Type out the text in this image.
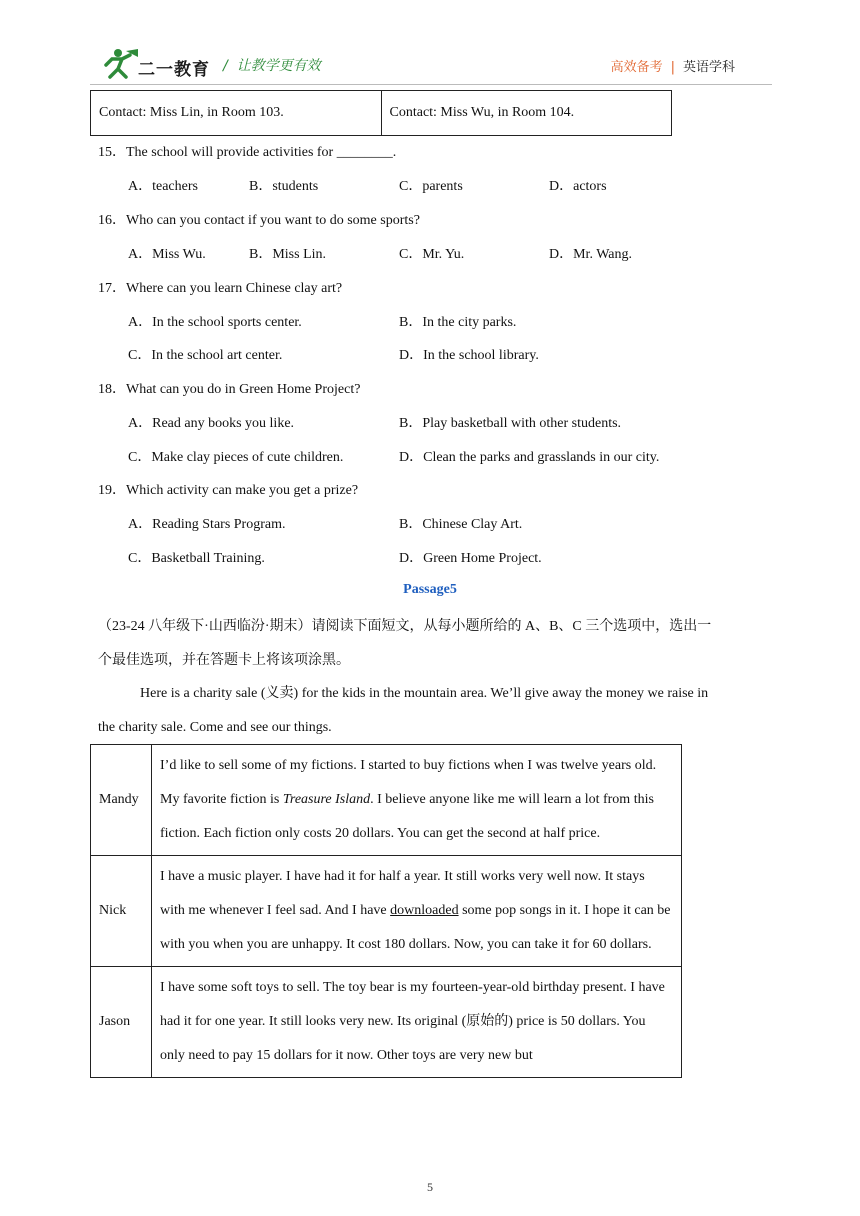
二一教育 /  让教学更有效	高效备考 | 英语学科
Contact: Miss Lin, in Room 103.	Contact: Miss Wu, in Room 104.
15．The school will provide activities for ________.
A．teachers	B．students	C．parents	D．actors
16．Who can you contact if you want to do some sports?
A．Miss Wu.	B．Miss Lin.	C．Mr. Yu.	D．Mr. Wang.
17．Where can you learn Chinese clay art?
A．In the school sports center.	B．In the city parks.
C．In the school art center.	D．In the school library.
18．What can you do in Green Home Project?
A．Read any books you like.	B．Play basketball with other students.
C．Make clay pieces of cute children.	D．Clean the parks and grasslands in our city.
19．Which activity can make you get a prize?
A．Reading Stars Program.	B．Chinese Clay Art.
C．Basketball Training.	D．Green Home Project.
Passage5
（23-24 八年级下·山西临汾·期末）请阅读下面短文，从每小题所给的 A、B、C 三个选项中，选出一
个最佳选项，并在答题卡上将该项涂黑。
Here is a charity sale (义卖) for the kids in the mountain area. We’ll give away the money we raise in
the charity sale. Come and see our things.
Mandy	I’d like to sell some of my fictions. I started to buy fictions when I was twelve years old. My favorite fiction is Treasure Island. I believe anyone like me will learn a lot from this fiction. Each fiction only costs 20 dollars. You can get the second at half price.
Nick	I have a music player. I have had it for half a year. It still works very well now. It stays with me whenever I feel sad. And I have downloaded some pop songs in it. I hope it can be with you when you are unhappy. It cost 180 dollars. Now, you can take it for 60 dollars.
Jason	I have some soft toys to sell. The toy bear is my fourteen-year-old birthday present. I have had it for one year. It still looks very new. Its original (原始的) price is 50 dollars. You only need to pay 15 dollars for it now. Other toys are very new but
5
